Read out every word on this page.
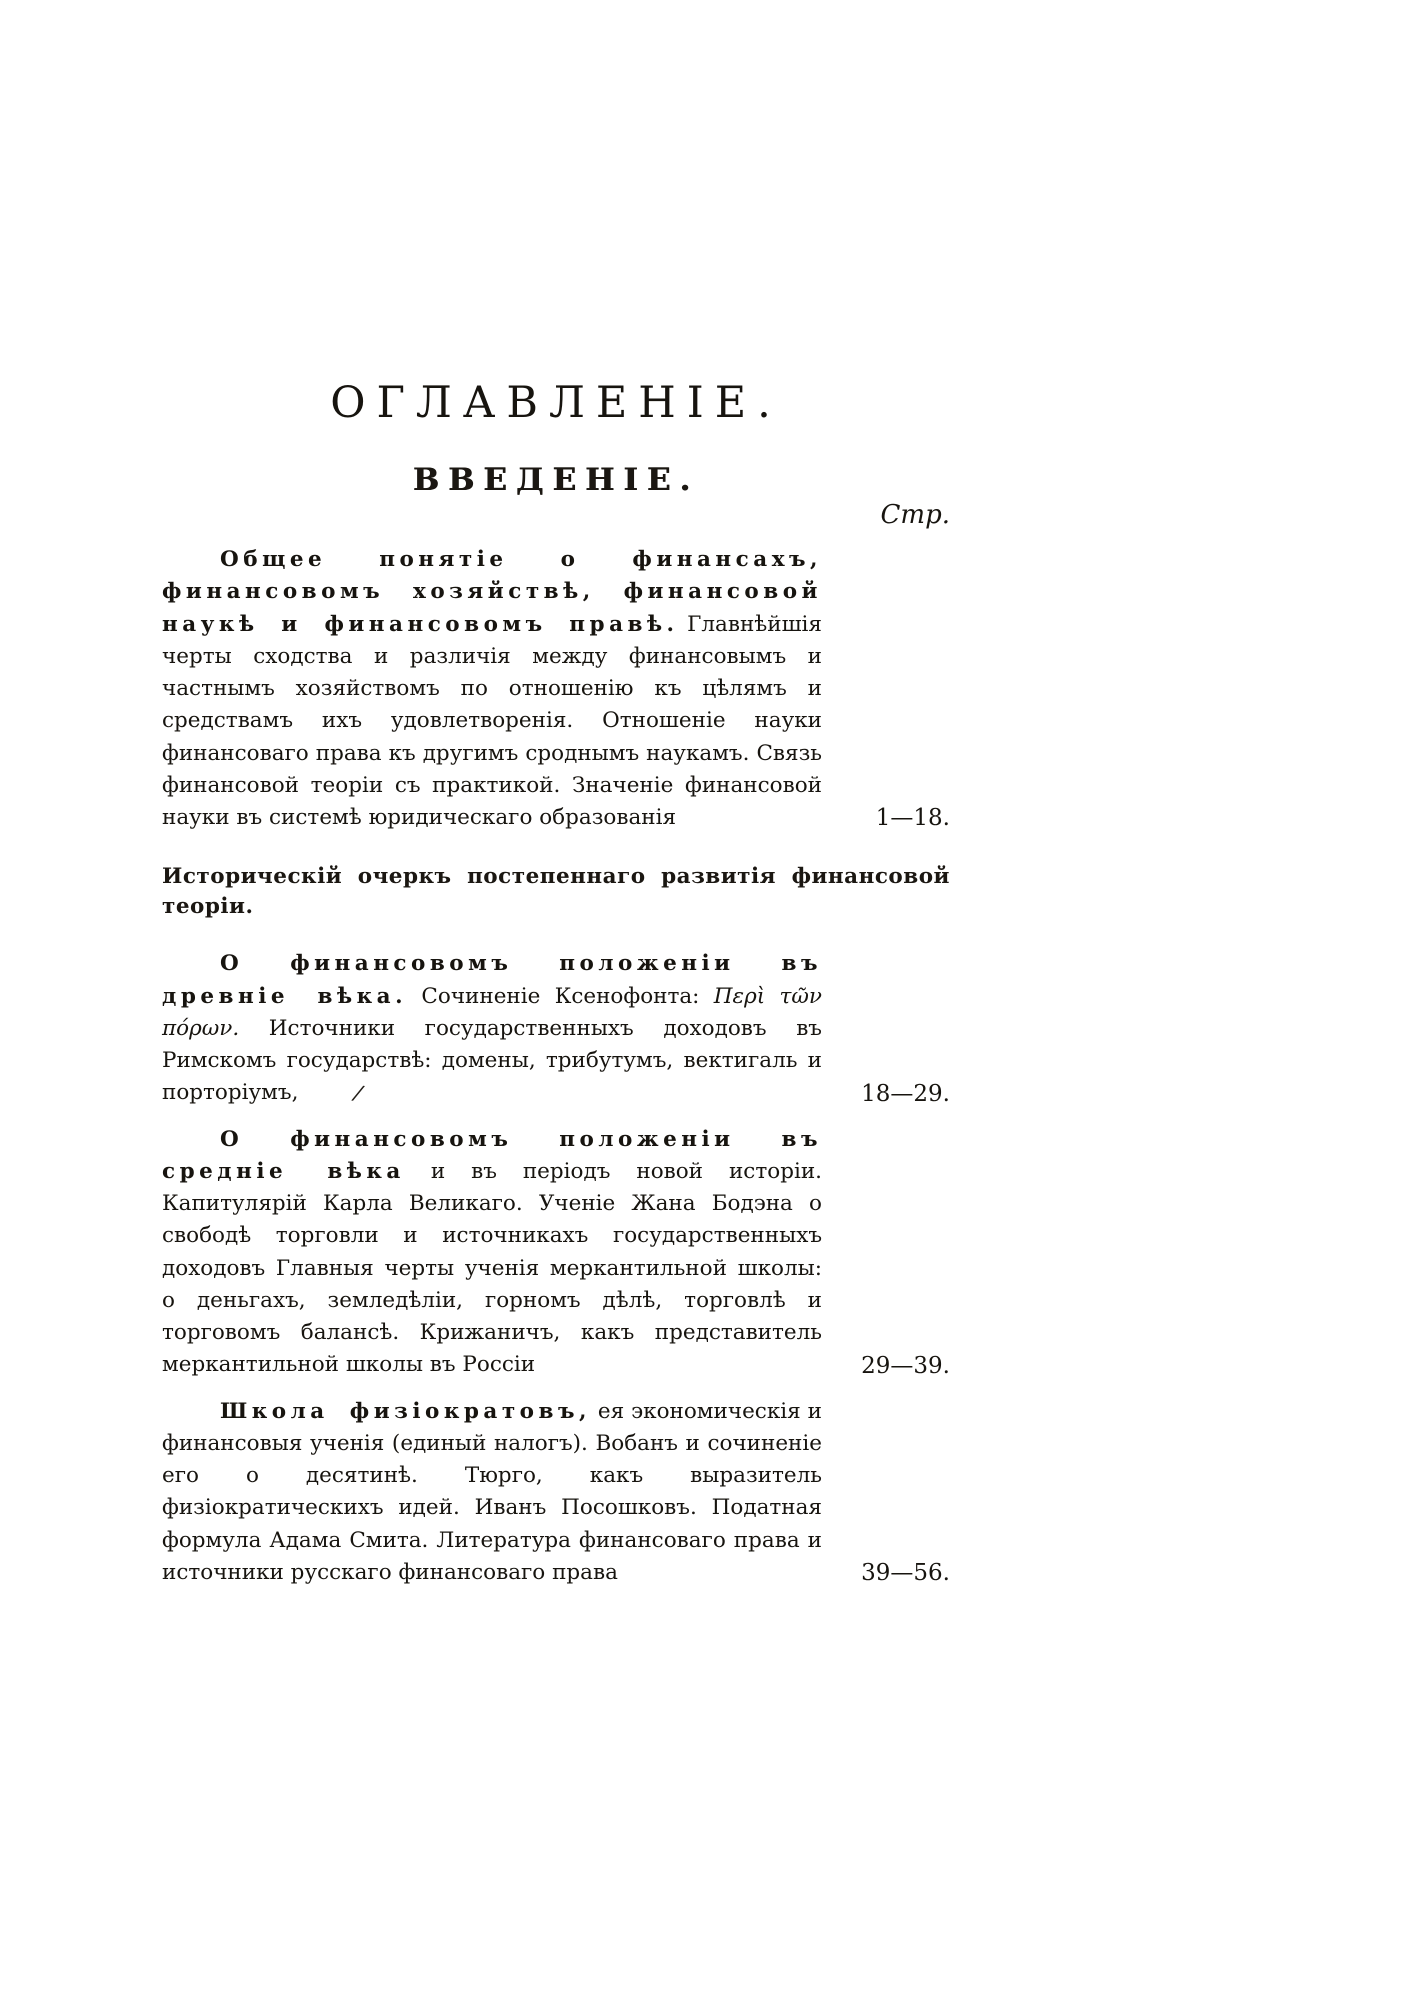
ОГЛАВЛЕНІЕ.
ВВЕДЕНІЕ.
Стр.

Общее понятіе о финансахъ, финансовомъ хозяйствѣ, финансовой наукѣ и финансовомъ правѣ. Главнѣйшія черты сходства и различія между финансовымъ и частнымъ хозяйствомъ по отношенію къ цѣлямъ и средствамъ ихъ удовлетворенія. Отношеніе науки финансоваго права къ другимъ сроднымъ наукамъ. Связь финансовой теоріи съ практикой. Значеніе финансовой науки въ системѣ юридическаго образованія	1—18.
Историческій очеркъ постепеннаго развитія финансовой теоріи.

О финансовомъ положеніи въ древніе вѣка. Сочиненіе Ксенофонта: Περὶ τῶν πόρων. Источники государственныхъ доходовъ въ Римскомъ государствѣ: домены, трибутумъ, вектигаль и порторіумъ,	⁄	18—29.

О финансовомъ положеніи въ средніе вѣка и въ періодъ новой исторіи. Капитулярій Карла Великаго. Ученіе Жана Бодэна о свободѣ торговли и источникахъ государственныхъ доходовъ Главныя черты ученія меркантильной школы: о деньгахъ, земледѣліи, горномъ дѣлѣ, торговлѣ и торговомъ балансѣ. Крижаничъ, какъ представитель меркантильной школы въ Россіи	29—39.

Школа физіократовъ, ея экономическія и финансовыя ученія (единый налогъ). Вобанъ и сочиненіе его о десятинѣ. Тюрго, какъ выразитель физіократическихъ идей. Иванъ Посошковъ. Податная формула Адама Смита. Литература финансоваго права и источники русскаго финансоваго права	39—56.
